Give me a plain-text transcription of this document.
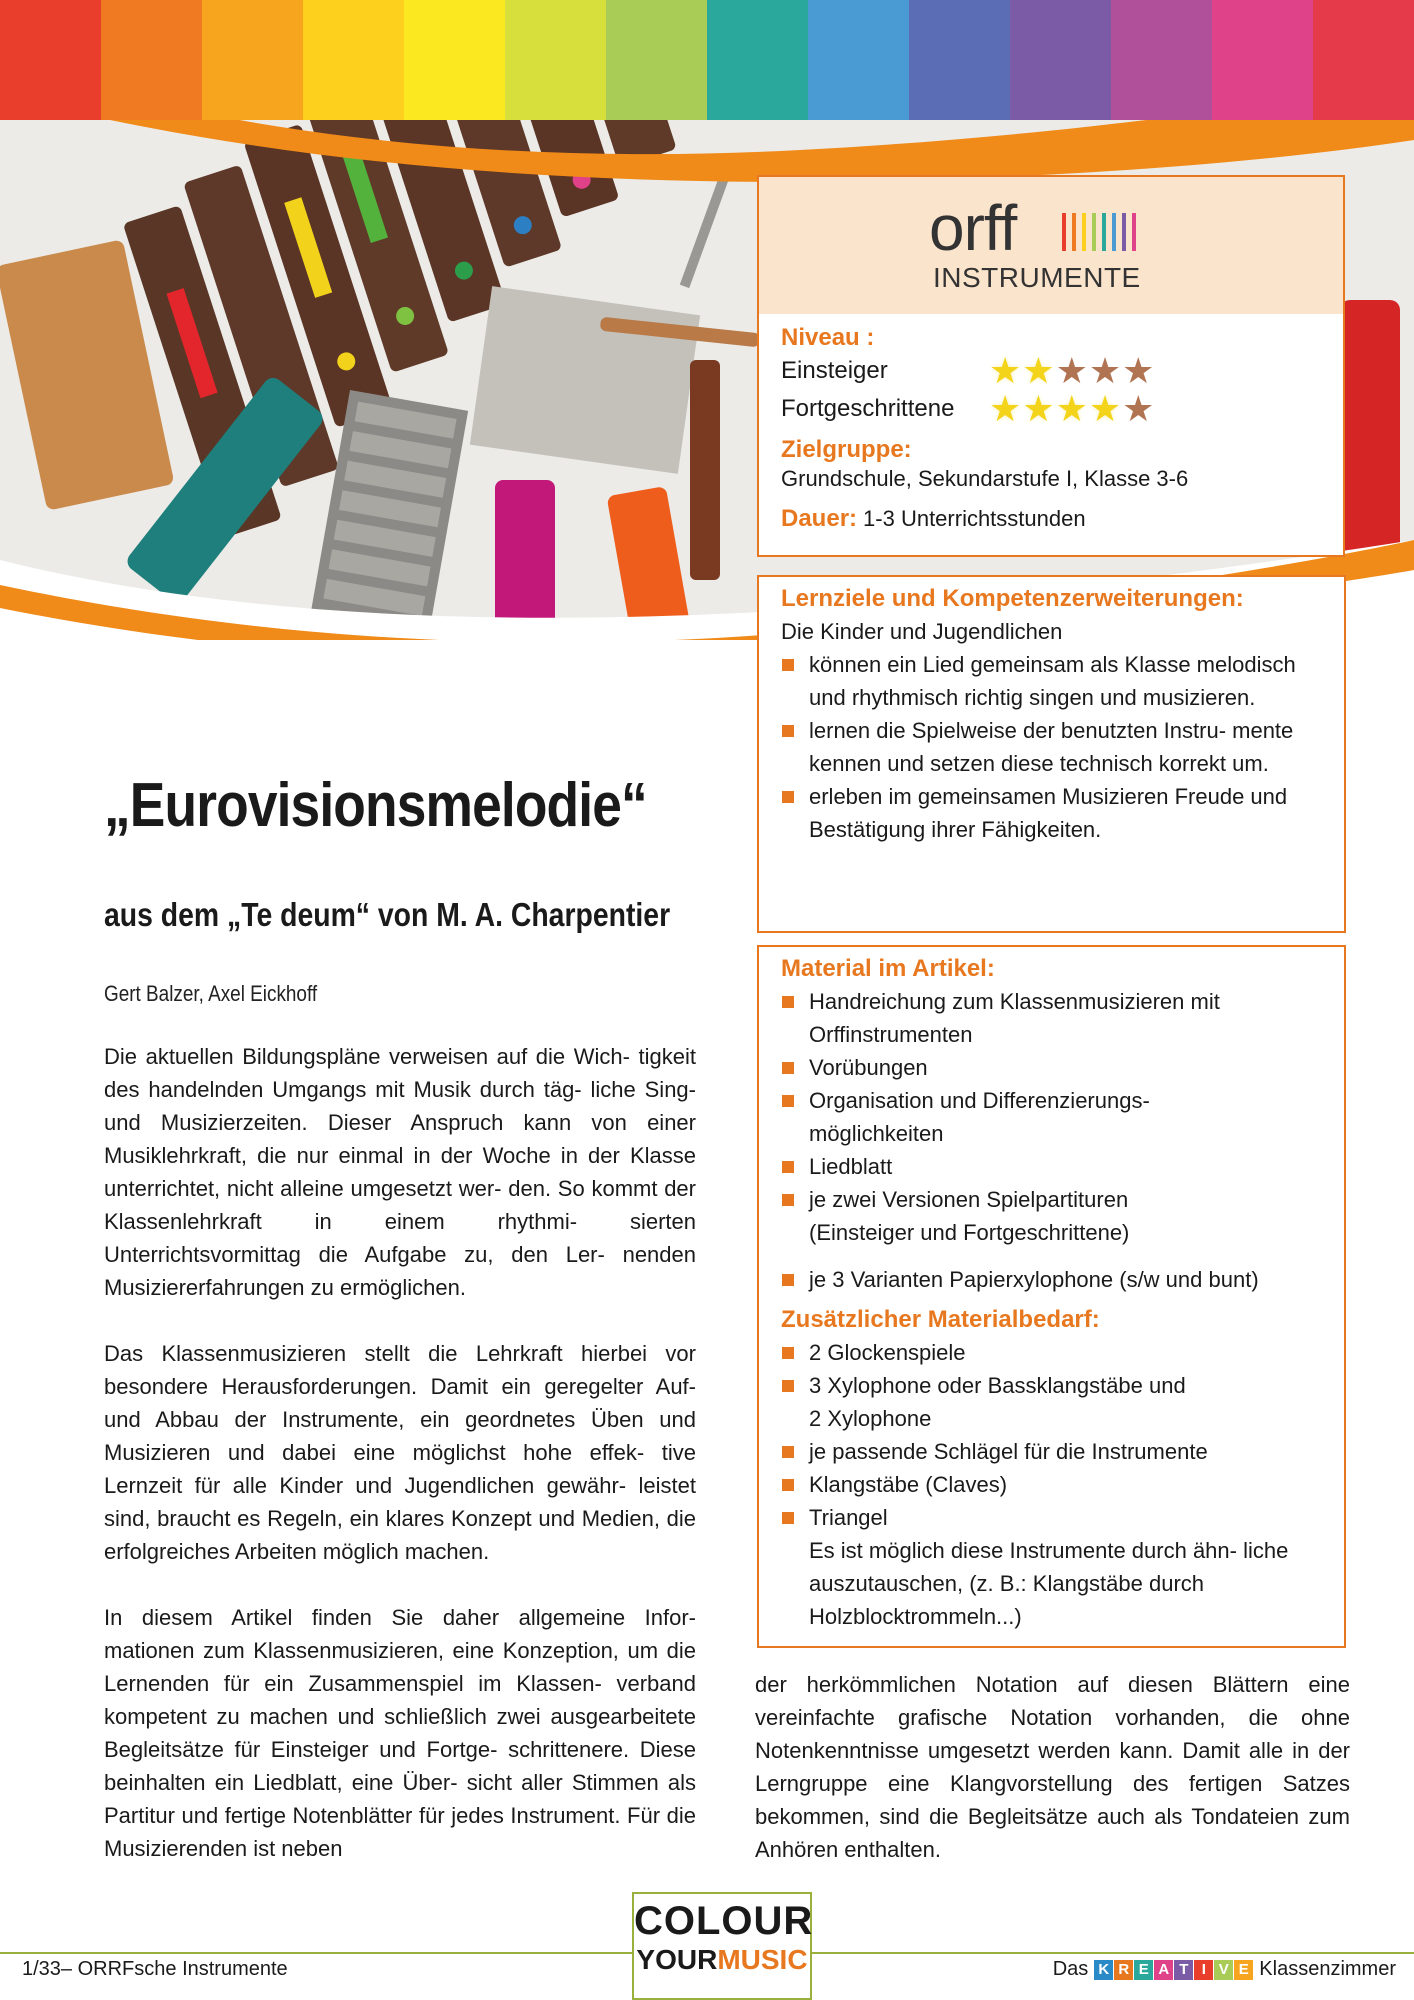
orff
INSTRUMENTE
Niveau :
Einsteiger	★ ★ ★ ★ ★
Fortgeschrittene ★ ★ ★ ★ ★
Zielgruppe:
Grundschule, Sekundarstufe I, Klasse 3-6
Dauer: 1-3 Unterrichtsstunden
Lernziele und Kompetenzerweiterungen:
Die Kinder und Jugendlichen
können ein Lied gemeinsam als Klasse melodisch und rhythmisch richtig singen und musizieren.
lernen die Spielweise der benutzten Instru- mente kennen und setzen diese technisch korrekt um.
erleben im gemeinsamen Musizieren Freude und Bestätigung ihrer Fähigkeiten.
Material im Artikel:
Handreichung zum Klassenmusizieren mit Orffinstrumenten
Vorübungen
Organisation und Differenzierungs- möglichkeiten
Liedblatt
je zwei Versionen Spielpartituren (Einsteiger und Fortgeschrittene)
je 3 Varianten Papierxylophone (s/w und bunt)
Zusätzlicher Materialbedarf:
2 Glockenspiele
3 Xylophone oder Bassklangstäbe und 2 Xylophone
je passende Schlägel für die Instrumente
Klangstäbe (Claves)
Triangel
Es ist möglich diese Instrumente durch ähn- liche auszutauschen, (z. B.: Klangstäbe durch Holzblocktrommeln...)
„Eurovisionsmelodie“
aus dem „Te deum“ von M. A. Charpentier
Gert Balzer, Axel Eickhoff

Die aktuellen Bildungspläne verweisen auf die Wich- tigkeit des handelnden Umgangs mit Musik durch täg- liche Sing- und Musizierzeiten. Dieser Anspruch kann von einer Musiklehrkraft, die nur einmal in der Woche in der Klasse unterrichtet, nicht alleine umgesetzt wer- den. So kommt der Klassenlehrkraft in einem rhythmi- sierten Unterrichtsvormittag die Aufgabe zu, den Ler- nenden Musiziererfahrungen zu ermöglichen.

Das Klassenmusizieren stellt die Lehrkraft hierbei vor besondere Herausforderungen. Damit ein geregelter Auf- und Abbau der Instrumente, ein geordnetes Üben und Musizieren und dabei eine möglichst hohe effek- tive Lernzeit für alle Kinder und Jugendlichen gewähr- leistet sind, braucht es Regeln, ein klares Konzept und Medien, die erfolgreiches Arbeiten möglich machen.

In diesem Artikel finden Sie daher allgemeine Infor- mationen zum Klassenmusizieren, eine Konzeption, um die Lernenden für ein Zusammenspiel im Klassen- verband kompetent zu machen und schließlich zwei ausgearbeitete Begleitsätze für Einsteiger und Fortge- schrittenere. Diese beinhalten ein Liedblatt, eine Über- sicht aller Stimmen als Partitur und fertige Notenblätter für jedes Instrument. Für die Musizierenden ist neben

der herkömmlichen Notation auf diesen Blättern eine vereinfachte grafische Notation vorhanden, die ohne Notenkenntnisse umgesetzt werden kann. Damit alle in der Lerngruppe eine Klangvorstellung des fertigen Satzes bekommen, sind die Begleitsätze auch als Tondateien zum Anhören enthalten.
1/33– ORRFsche Instrumente
COLOUR
YOURMUSIC	Das K R E A T I V E Klassenzimmer
